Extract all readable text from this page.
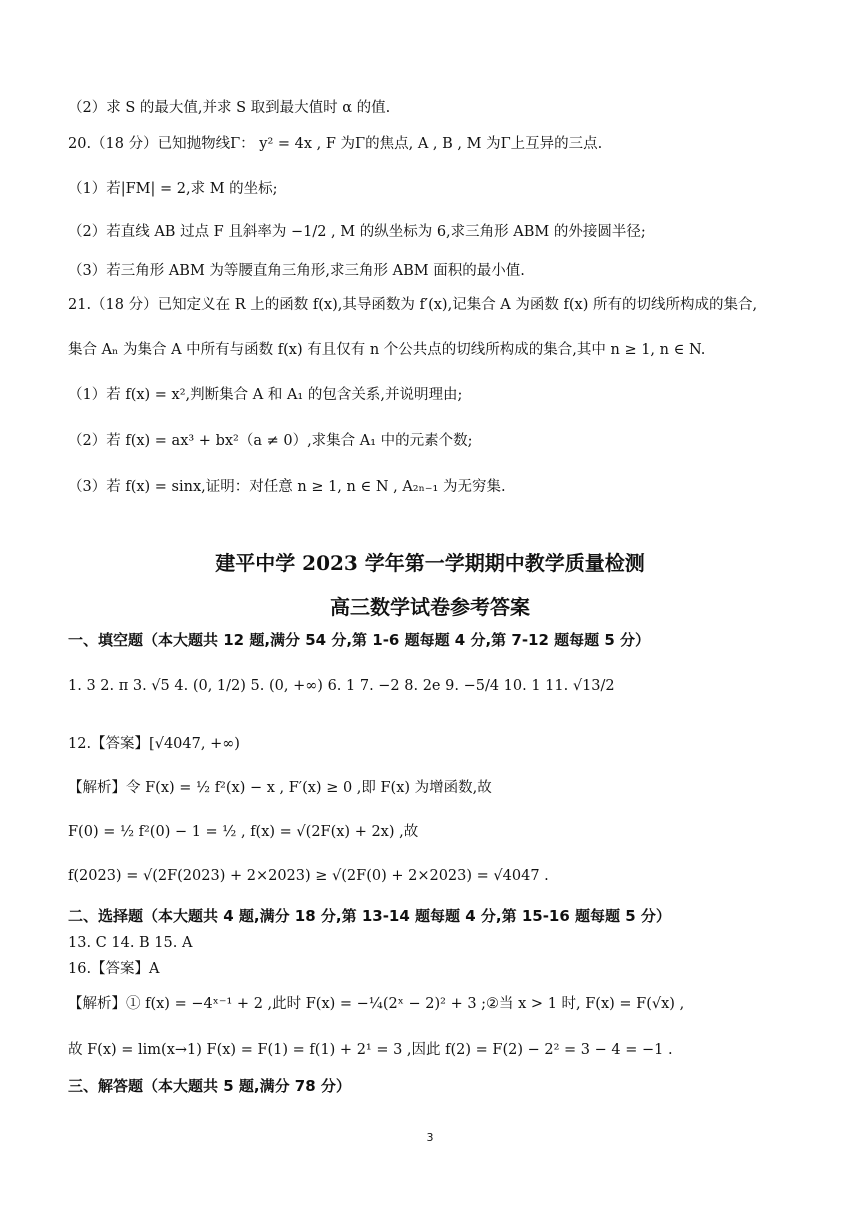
（2）求 S 的最大值,并求 S 取到最大值时 α 的值.
20.（18 分）已知抛物线Γ： y² = 4x , F 为Γ的焦点, A , B , M 为Γ上互异的三点.
（1）若|FM| = 2,求 M 的坐标;
（2）若直线 AB 过点 F 且斜率为 −1/2 , M 的纵坐标为 6,求三角形 ABM 的外接圆半径;
（3）若三角形 ABM 为等腰直角三角形,求三角形 ABM 面积的最小值.
21.（18 分）已知定义在 R 上的函数 f(x),其导函数为 f′(x),记集合 A 为函数 f(x) 所有的切线所构成的集合,
集合 Aₙ 为集合 A 中所有与函数 f(x) 有且仅有 n 个公共点的切线所构成的集合,其中 n ≥ 1, n ∈ N.
（1）若 f(x) = x²,判断集合 A 和 A₁ 的包含关系,并说明理由;
（2）若 f(x) = ax³ + bx²（a ≠ 0）,求集合 A₁ 中的元素个数;
（3）若 f(x) = sinx,证明：对任意 n ≥ 1, n ∈ N , A₂ₙ₋₁ 为无穷集.
建平中学 2023 学年第一学期期中教学质量检测
高三数学试卷参考答案
一、填空题（本大题共 12 题,满分 54 分,第 1-6 题每题 4 分,第 7-12 题每题 5 分）
1. 3 2. π 3. √5 4. (0, 1/2) 5. (0, +∞) 6. 1 7. −2 8. 2e 9. −5/4 10. 1 11. √13/2
12.【答案】[√4047, +∞)
【解析】令 F(x) = ½ f²(x) − x , F′(x) ≥ 0 ,即 F(x) 为增函数,故
F(0) = ½ f²(0) − 1 = ½ , f(x) = √(2F(x) + 2x) ,故
f(2023) = √(2F(2023) + 2×2023) ≥ √(2F(0) + 2×2023) = √4047 .
二、选择题（本大题共 4 题,满分 18 分,第 13-14 题每题 4 分,第 15-16 题每题 5 分）
13. C 14. B 15. A
16.【答案】A
【解析】① f(x) = −4ˣ⁻¹ + 2 ,此时 F(x) = −¼(2ˣ − 2)² + 3 ;②当 x > 1 时, F(x) = F(√x) ,
故 F(x) = lim(x→1) F(x) = F(1) = f(1) + 2¹ = 3 ,因此 f(2) = F(2) − 2² = 3 − 4 = −1 .
三、解答题（本大题共 5 题,满分 78 分）
3
